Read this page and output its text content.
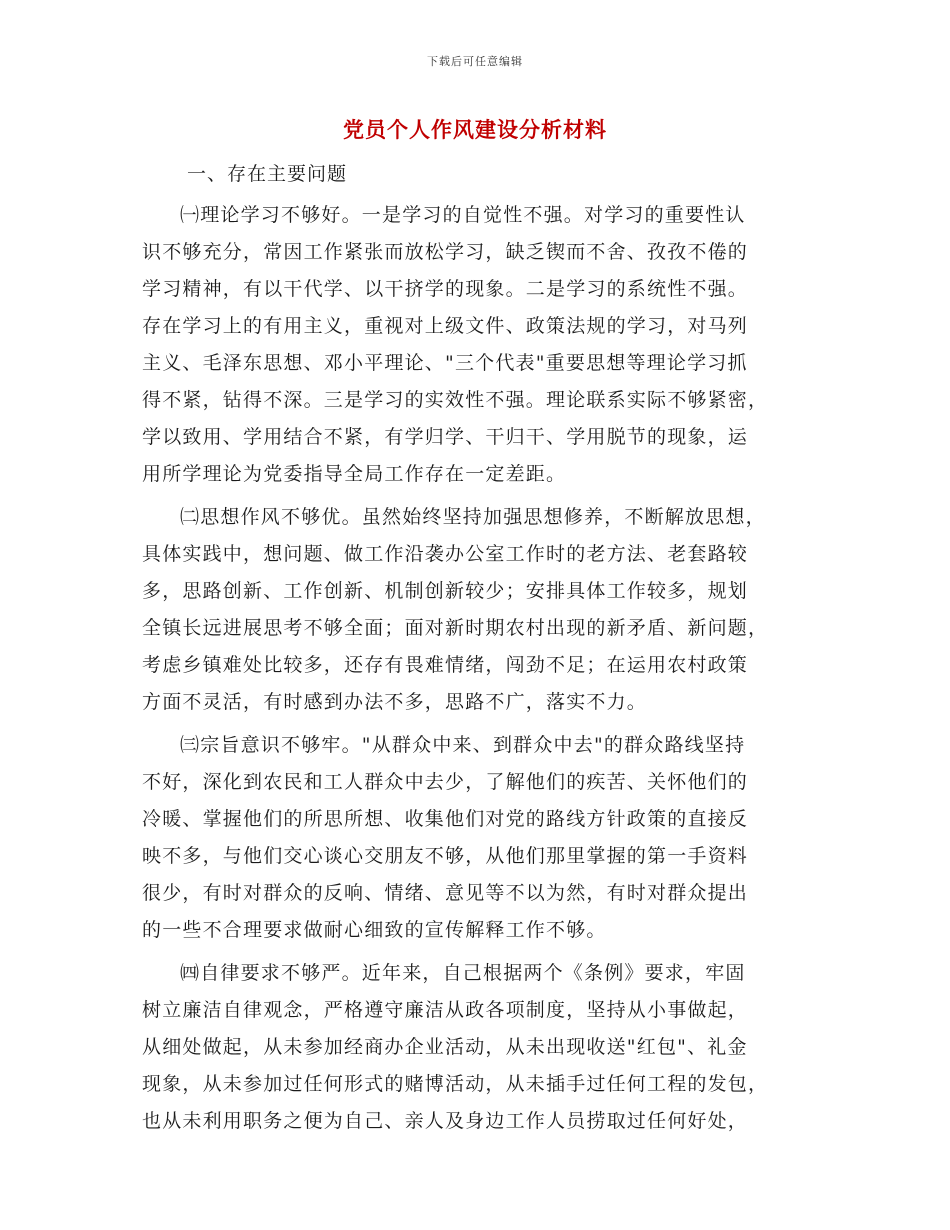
下载后可任意编辑
党员个人作风建设分析材料
一、存在主要问题
㈠理论学习不够好。一是学习的自觉性不强。对学习的重要性认
识不够充分，常因工作紧张而放松学习，缺乏锲而不舍、孜孜不倦的
学习精神，有以干代学、以干挤学的现象。二是学习的系统性不强。
存在学习上的有用主义，重视对上级文件、政策法规的学习，对马列
主义、毛泽东思想、邓小平理论、"三个代表"重要思想等理论学习抓
得不紧，钻得不深。三是学习的实效性不强。理论联系实际不够紧密，
学以致用、学用结合不紧，有学归学、干归干、学用脱节的现象，运
用所学理论为党委指导全局工作存在一定差距。
㈡思想作风不够优。虽然始终坚持加强思想修养，不断解放思想，
具体实践中，想问题、做工作沿袭办公室工作时的老方法、老套路较
多，思路创新、工作创新、机制创新较少；安排具体工作较多，规划
全镇长远进展思考不够全面；面对新时期农村出现的新矛盾、新问题，
考虑乡镇难处比较多，还存有畏难情绪，闯劲不足；在运用农村政策
方面不灵活，有时感到办法不多，思路不广，落实不力。
㈢宗旨意识不够牢。"从群众中来、到群众中去"的群众路线坚持
不好，深化到农民和工人群众中去少，了解他们的疾苦、关怀他们的
冷暖、掌握他们的所思所想、收集他们对党的路线方针政策的直接反
映不多，与他们交心谈心交朋友不够，从他们那里掌握的第一手资料
很少，有时对群众的反响、情绪、意见等不以为然，有时对群众提出
的一些不合理要求做耐心细致的宣传解释工作不够。
㈣自律要求不够严。近年来，自己根据两个《条例》要求，牢固
树立廉洁自律观念，严格遵守廉洁从政各项制度，坚持从小事做起，
从细处做起，从未参加经商办企业活动，从未出现收送"红包"、礼金
现象，从未参加过任何形式的赌博活动，从未插手过任何工程的发包，
也从未利用职务之便为自己、亲人及身边工作人员捞取过任何好处，
